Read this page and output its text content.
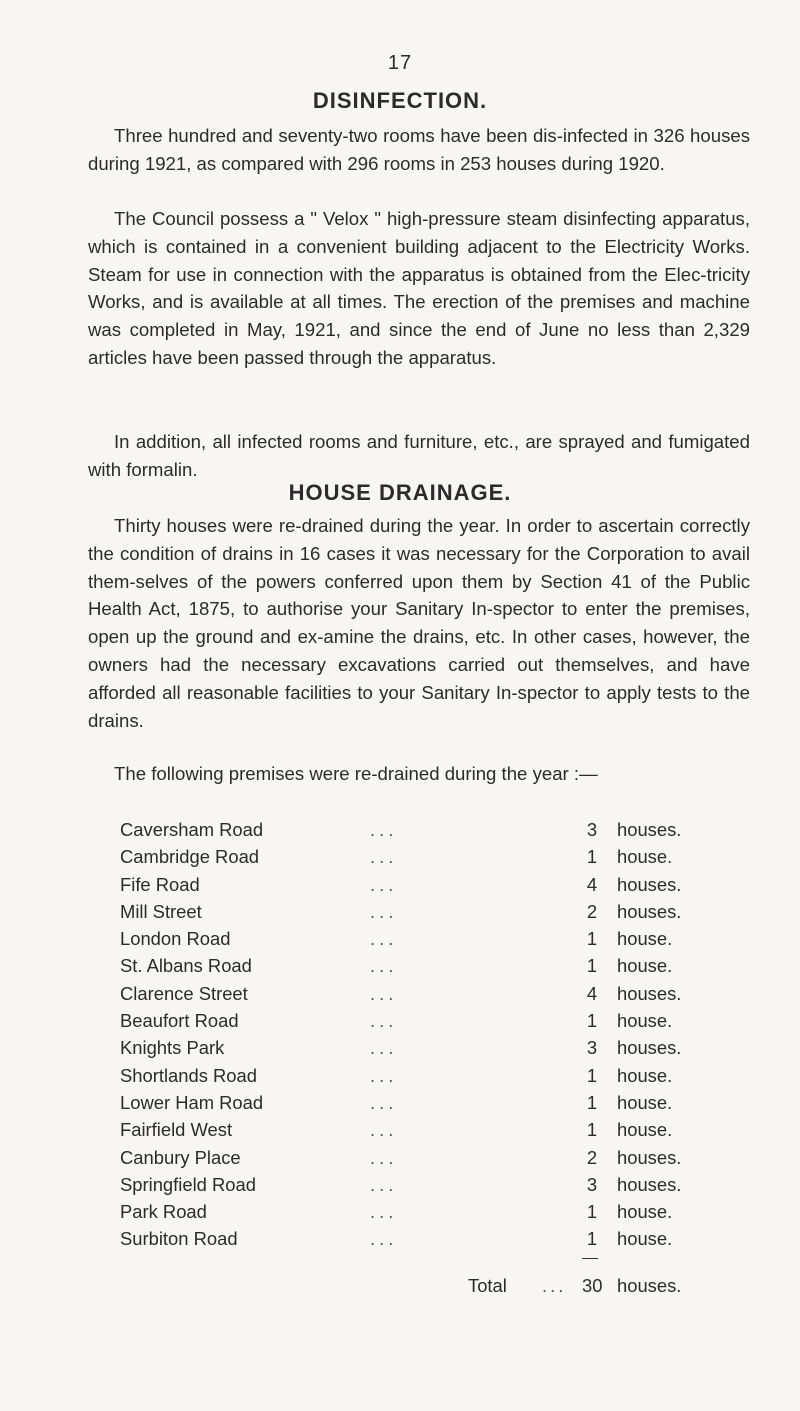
17
DISINFECTION.

Three hundred and seventy-two rooms have been dis-infected in 326 houses during 1921, as compared with 296 rooms in 253 houses during 1920.

The Council possess a " Velox " high-pressure steam disinfecting apparatus, which is contained in a convenient building adjacent to the Electricity Works. Steam for use in connection with the apparatus is obtained from the Elec-tricity Works, and is available at all times. The erection of the premises and machine was completed in May, 1921, and since the end of June no less than 2,329 articles have been passed through the apparatus.

In addition, all infected rooms and furniture, etc., are sprayed and fumigated with formalin.

HOUSE DRAINAGE.

Thirty houses were re-drained during the year. In order to ascertain correctly the condition of drains in 16 cases it was necessary for the Corporation to avail them-selves of the powers conferred upon them by Section 41 of the Public Health Act, 1875, to authorise your Sanitary In-spector to enter the premises, open up the ground and ex-amine the drains, etc. In other cases, however, the owners had the necessary excavations carried out themselves, and have afforded all reasonable facilities to your Sanitary In-spector to apply tests to the drains.

The following premises were re-drained during the year :—

Caversham Road	...	3 houses.
Cambridge Road	...	1 house.
Fife Road	...	4 houses.
Mill Street	...	2 houses.
London Road	...	1 house.
St. Albans Road	...	1 house.
Clarence Street	...	4 houses.
Beaufort Road	...	1 house.
Knights Park	...	3 houses.
Shortlands Road	...	1 house.
Lower Ham Road	...	1 house.
Fairfield West	...	1 house.
Canbury Place	...	2 houses.
Springfield Road	...	3 houses.
Park Road	...	1 house.
Surbiton Road	...	1 house.
Total ... 30 houses.
